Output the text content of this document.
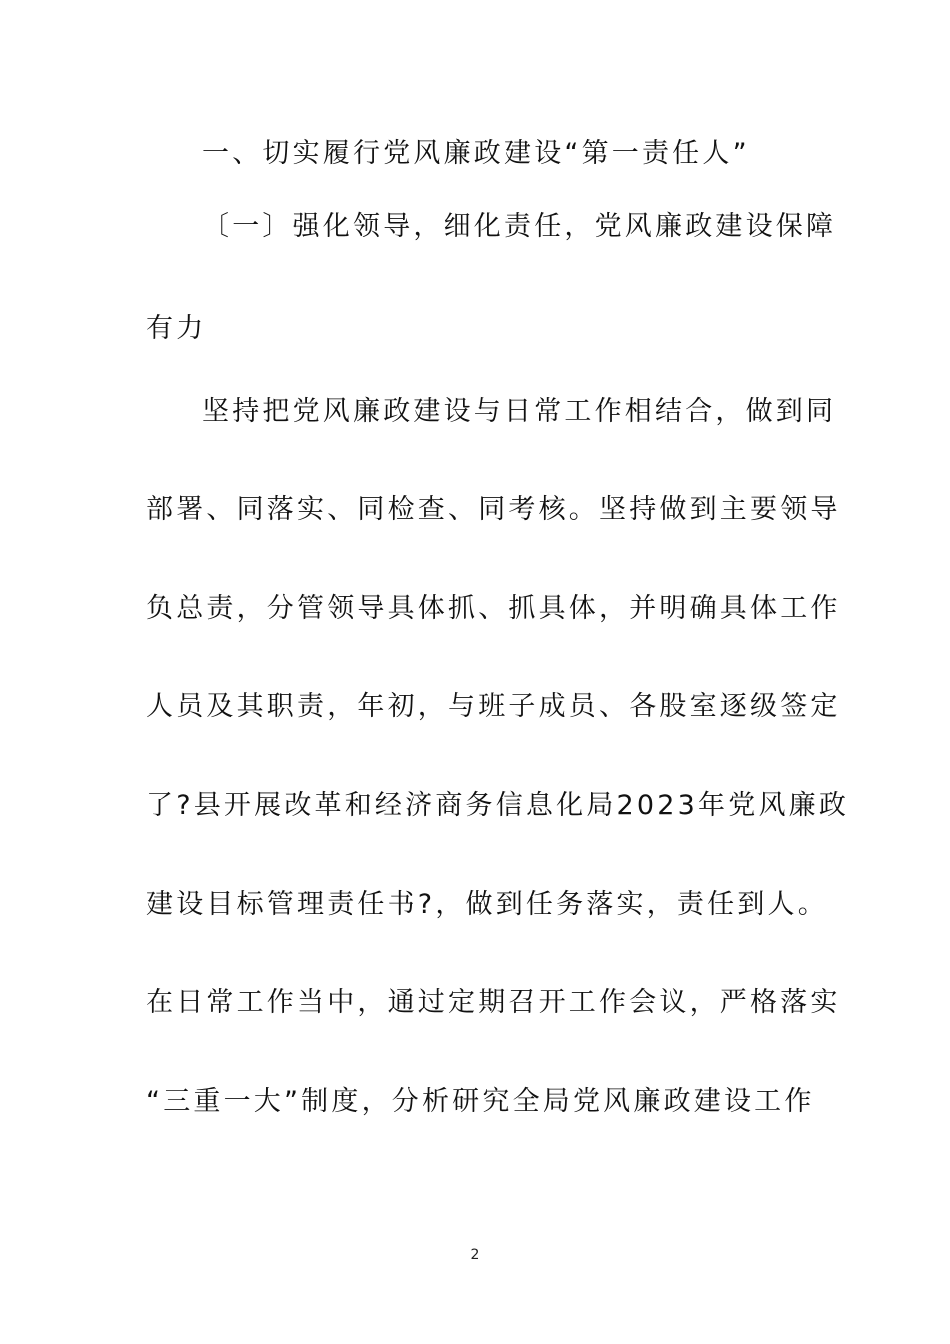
一、切实履行党风廉政建设“第一责任人”
〔一〕强化领导，细化责任，党风廉政建设保障
有力
坚持把党风廉政建设与日常工作相结合，做到同
部署、同落实、同检查、同考核。坚持做到主要领导
负总责，分管领导具体抓、抓具体，并明确具体工作
人员及其职责，年初，与班子成员、各股室逐级签定
了?县开展改革和经济商务信息化局2023年党风廉政
建设目标管理责任书?，做到任务落实，责任到人。
在日常工作当中，通过定期召开工作会议，严格落实
“三重一大”制度，分析研究全局党风廉政建设工作
2
